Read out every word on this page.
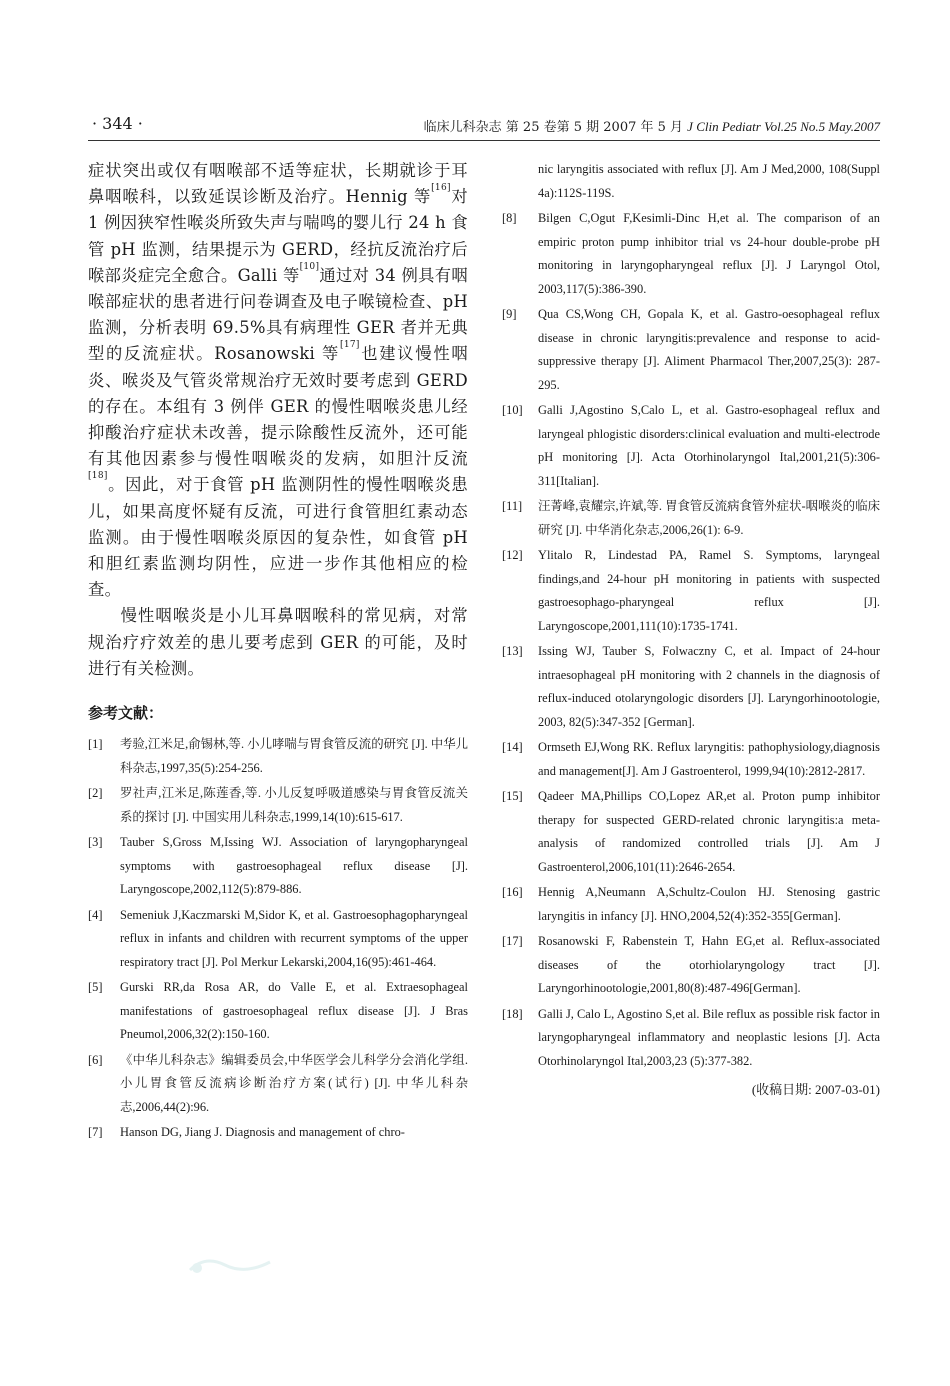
· 344 ·	临床儿科杂志 第 25 卷第 5 期 2007 年 5 月 J Clin Pediatr Vol.25 No.5 May.2007

症状突出或仅有咽喉部不适等症状，长期就诊于耳鼻咽喉科，以致延误诊断及治疗。Hennig 等[16]对 1 例因狭窄性喉炎所致失声与喘鸣的婴儿行 24 h 食管 pH 监测，结果提示为 GERD，经抗反流治疗后喉部炎症完全愈合。Galli 等[10]通过对 34 例具有咽喉部症状的患者进行问卷调查及电子喉镜检查、pH 监测，分析表明 69.5%具有病理性 GER 者并无典型的反流症状。Rosanowski 等[17]也建议慢性咽炎、喉炎及气管炎常规治疗无效时要考虑到 GERD 的存在。本组有 3 例伴 GER 的慢性咽喉炎患儿经抑酸治疗症状未改善，提示除酸性反流外，还可能有其他因素参与慢性咽喉炎的发病，如胆汁反流[18]。因此，对于食管 pH 监测阴性的慢性咽喉炎患儿，如果高度怀疑有反流，可进行食管胆红素动态监测。由于慢性咽喉炎原因的复杂性，如食管 pH 和胆红素监测均阴性，应进一步作其他相应的检查。

慢性咽喉炎是小儿耳鼻咽喉科的常见病，对常规治疗疗效差的患儿要考虑到 GER 的可能，及时进行有关检测。

参考文献：
[1] 考验,江米足,俞锡林,等. 小儿哮喘与胃食管反流的研究 [J]. 中华儿科杂志,1997,35(5):254-256.
[2] 罗社声,江米足,陈莲香,等. 小儿反复呼吸道感染与胃食管反流关系的探讨 [J]. 中国实用儿科杂志,1999,14(10):615-617.
[3] Tauber S,Gross M,Issing WJ. Association of laryngopharyngeal symptoms with gastroesophageal reflux disease [J]. Laryngoscope,2002,112(5):879-886.
[4] Semeniuk J,Kaczmarski M,Sidor K, et al. Gastroesophagopharyngeal reflux in infants and children with recurrent symptoms of the upper respiratory tract [J]. Pol Merkur Lekarski,2004,16(95):461-464.
[5] Gurski RR,da Rosa AR, do Valle E, et al. Extraesophageal manifestations of gastroesophageal reflux disease [J]. J Bras Pneumol,2006,32(2):150-160.
[6] 《中华儿科杂志》编辑委员会,中华医学会儿科学分会消化学组. 小儿胃食管反流病诊断治疗方案(试行) [J]. 中华儿科杂志,2006,44(2):96.
[7] Hanson DG, Jiang J. Diagnosis and management of chro-
nic laryngitis associated with reflux [J]. Am J Med,2000, 108(Suppl 4a):112S-119S.
[8] Bilgen C,Ogut F,Kesimli-Dinc H,et al. The comparison of an empiric proton pump inhibitor trial vs 24-hour double-probe pH monitoring in laryngopharyngeal reflux [J]. J Laryngol Otol, 2003,117(5):386-390.
[9] Qua CS,Wong CH, Gopala K, et al. Gastro-oesophageal reflux disease in chronic laryngitis:prevalence and response to acid-suppressive therapy [J]. Aliment Pharmacol Ther,2007,25(3): 287-295.
[10] Galli J,Agostino S,Calo L, et al. Gastro-esophageal reflux and laryngeal phlogistic disorders:clinical evaluation and multi-electrode pH monitoring [J]. Acta Otorhinolaryngol Ital,2001,21(5):306-311[Italian].
[11] 汪菁峰,袁耀宗,许斌,等. 胃食管反流病食管外症状-咽喉炎的临床研究 [J]. 中华消化杂志,2006,26(1): 6-9.
[12] Ylitalo R, Lindestad PA, Ramel S. Symptoms, laryngeal findings,and 24-hour pH monitoring in patients with suspected gastroesophago-pharyngeal reflux [J]. Laryngoscope,2001,111(10):1735-1741.
[13] Issing WJ, Tauber S, Folwaczny C, et al. Impact of 24-hour intraesophageal pH monitoring with 2 channels in the diagnosis of reflux-induced otolaryngologic disorders [J]. Laryngorhinootologie, 2003, 82(5):347-352 [German].
[14] Ormseth EJ,Wong RK. Reflux laryngitis: pathophysiology,diagnosis and management[J]. Am J Gastroenterol, 1999,94(10):2812-2817.
[15] Qadeer MA,Phillips CO,Lopez AR,et al. Proton pump inhibitor therapy for suspected GERD-related chronic laryngitis:a meta-analysis of randomized controlled trials [J]. Am J Gastroenterol,2006,101(11):2646-2654.
[16] Hennig A,Neumann A,Schultz-Coulon HJ. Stenosing gastric laryngitis in infancy [J]. HNO,2004,52(4):352-355[German].
[17] Rosanowski F, Rabenstein T, Hahn EG,et al. Reflux-associated diseases of the otorhiolaryngology tract [J]. Laryngorhinootologie,2001,80(8):487-496[German].
[18] Galli J, Calo L, Agostino S,et al. Bile reflux as possible risk factor in laryngopharyngeal inflammatory and neoplastic lesions [J]. Acta Otorhinolaryngol Ital,2003,23 (5):377-382.
(收稿日期: 2007-03-01)
